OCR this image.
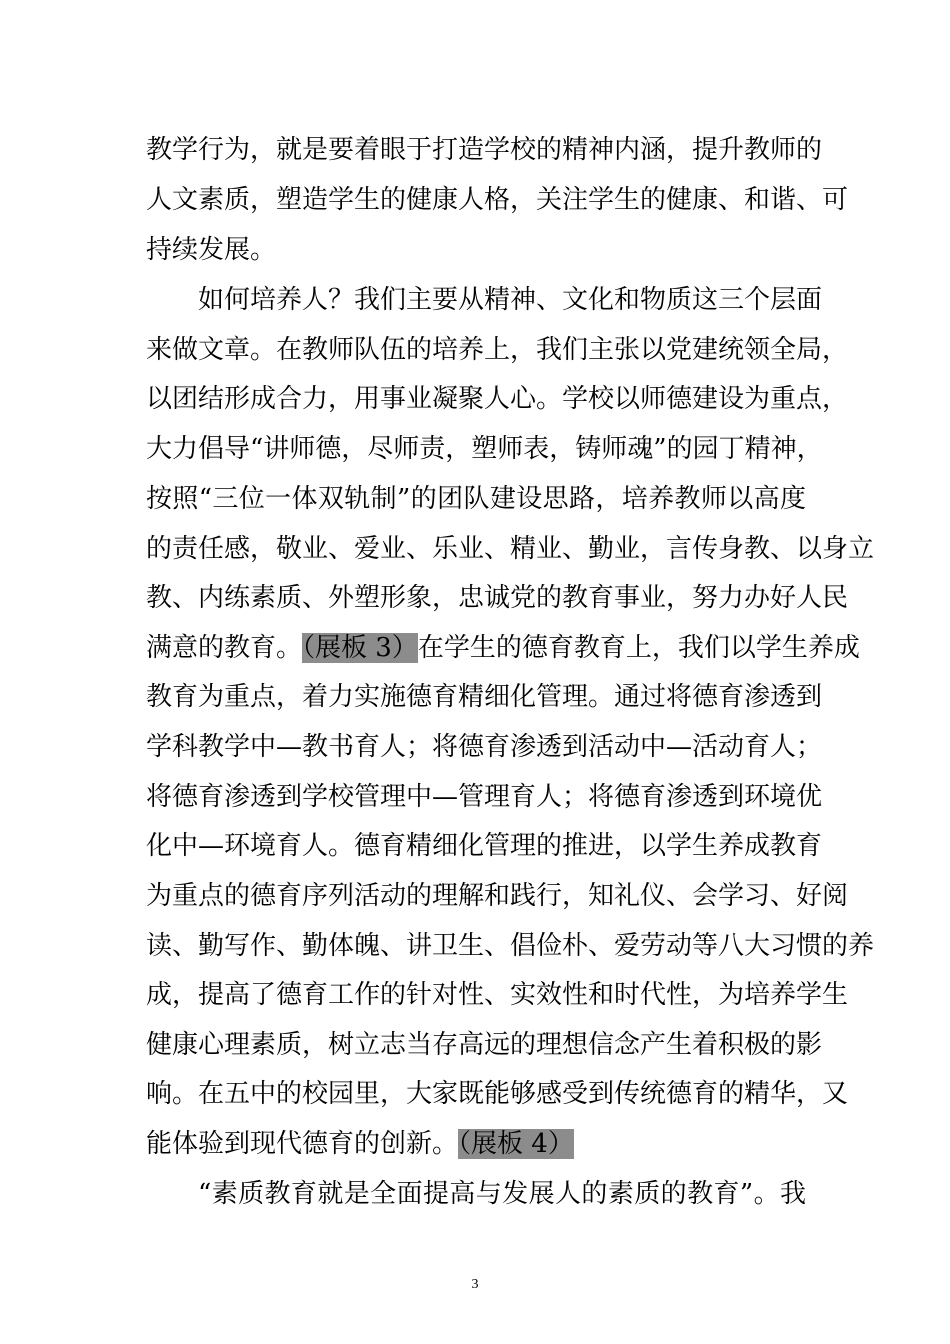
教学行为，就是要着眼于打造学校的精神内涵，提升教师的
人文素质，塑造学生的健康人格，关注学生的健康、和谐、可
持续发展。
如何培养人？我们主要从精神、文化和物质这三个层面
来做文章。在教师队伍的培养上，我们主张以党建统领全局，
以团结形成合力，用事业凝聚人心。学校以师德建设为重点，
大力倡导“讲师德，尽师责，塑师表，铸师魂”的园丁精神，
按照“三位一体双轨制”的团队建设思路，培养教师以高度
的责任感，敬业、爱业、乐业、精业、勤业，言传身教、以身立
教、内练素质、外塑形象，忠诚党的教育事业，努力办好人民
满意的教育。（展板 3）在学生的德育教育上，我们以学生养成
教育为重点，着力实施德育精细化管理。通过将德育渗透到
学科教学中—教书育人；将德育渗透到活动中—活动育人；
将德育渗透到学校管理中—管理育人；将德育渗透到环境优
化中—环境育人。德育精细化管理的推进，以学生养成教育
为重点的德育序列活动的理解和践行，知礼仪、会学习、好阅
读、勤写作、勤体魄、讲卫生、倡俭朴、爱劳动等八大习惯的养
成，提高了德育工作的针对性、实效性和时代性，为培养学生
健康心理素质，树立志当存高远的理想信念产生着积极的影
响。在五中的校园里，大家既能够感受到传统德育的精华，又
能体验到现代德育的创新。（展板 4）
“素质教育就是全面提高与发展人的素质的教育”。我
3
